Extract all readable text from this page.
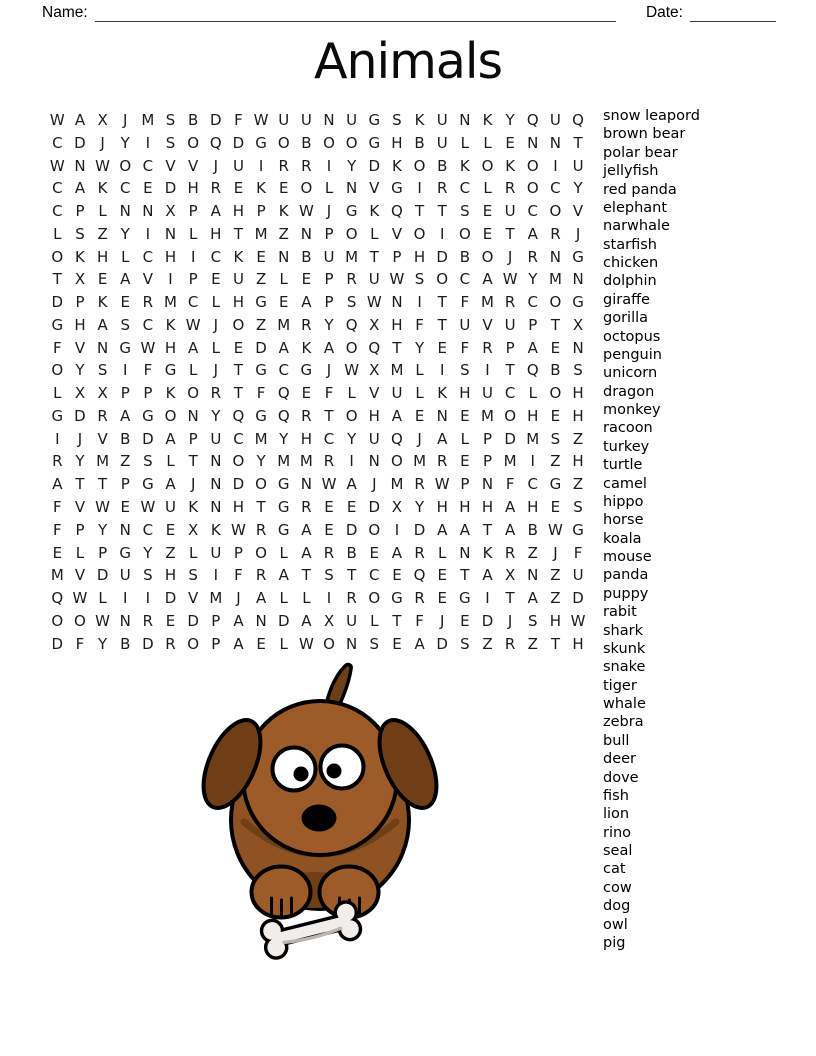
Name:	Date:
Animals
W A X	J M S B D F W U U N U G S K U N K Y Q U Q
C D J	Y	I	S O Q D G O B O O G H B U L L E N N T
W N W O C V V	J U I	R R	I	Y D K O B K O K O I U
C A K C E D H R E K E O L N V G I	R C L R O C Y
C P L N N X P A H P K W J G K Q T T S E U C O V
L S Z Y	I N L H T M Z N P O L V O I O E T A R	J
O K H L C H I	C K E N B U M T P H D B O J	R N G
T X E A V	I	P E U Z L E P R U W S O C A W Y M N
D P K E R M C L H G E A P S W N I	T F M R C O G
G H A S C K W J O Z M R Y Q X H F T U V U P T X
F V N G W H A L E D A K A O Q T Y E F R P A E N
O Y S	I	F G L	J	T G C G J W X M L	I	S	I	T Q B S
L X X P P K O R T F Q E F L V U L K H U C L O H
G D R A G O N Y Q G Q R T O H A E N E M O H E H
I	J	V B D A P U C M Y H C Y U Q J	A L P D M S Z
R Y M Z S L T N O Y M M R	I N O M R E P M I	Z H
A T T P G A	J N D O G N W A	J M R W P N F C G Z
F V W E W U K N H T G R E E D X Y H H H A H E S
F P Y N C E X K W R G A E D O I D A A T A B W G
E L P G Y Z L U P O L A R B E A R L N K R Z	J	F
M V D U S H S	I	F R A T S T C E Q E T A X N Z U
Q W L	I	I D V M J	A L L	I	R O G R E G I	T A Z D
O O W N R E D P A N D A X U L T F	J	E D J	S H W
D F Y B D R O P A E L W O N S E A D S Z R Z T H
snow leapord
brown bear
polar bear
jellyfish
red panda
elephant
narwhale
starfish
chicken
dolphin
giraffe
gorilla
octopus
penguin
unicorn
dragon
monkey
racoon
turkey
turtle
camel
hippo
horse
koala
mouse
panda
puppy
rabit
shark
skunk
snake
tiger
whale
zebra
bull
deer
dove
fish
lion
rino
seal
cat
cow
dog
owl
pig
